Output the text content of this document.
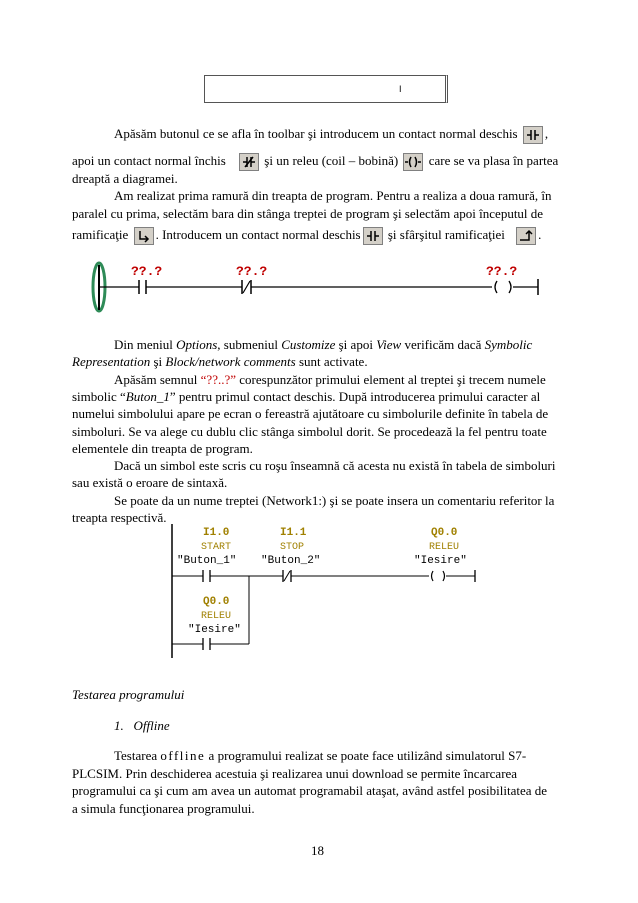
I
Apăsăm butonul ce se afla în toolbar şi introducem un contact normal deschis ,
apoi un contact normal închis	şi un releu (coil – bobină) care se va plasa în partea
dreaptă a diagramei.
Am realizat prima ramură din treapta de program. Pentru a realiza a doua ramură, în
paralel cu prima, selectăm bara din stânga treptei de program şi selectăm apoi începutul de
ramificaţie . Introducem un contact normal deschis şi sfârşitul ramificaţiei	.
??.?	??.?	??.?
Din meniul Options, submeniul Customize şi apoi View verificăm dacă Symbolic
Representation şi Block/network comments sunt activate.
Apăsăm semnul “??..?” corespunzător primului element al treptei şi trecem numele
simbolic “Buton_1” pentru primul contact deschis. După introducerea primului caracter al
numelui simbolului apare pe ecran o fereastră ajutătoare cu simbolurile definite în tabela de
simboluri. Se va alege cu dublu clic stânga simbolul dorit. Se procedează la fel pentru toate
elementele din treapta de program.
Dacă un simbol este scris cu roşu înseamnă că acesta nu există în tabela de simboluri
sau există o eroare de sintaxă.
Se poate da un nume treptei (Network1:) şi se poate insera un comentariu referitor la
treapta respectivă.
I1.0
START
"Buton_1"
I1.1
STOP
"Buton_2"
Q0.0
RELEU
"Iesire"
Q0.0
RELEU
"Iesire"
Testarea programului
1. Offline
Testarea offline a programului realizat se poate face utilizând simulatorul S7-
PLCSIM. Prin deschiderea acestuia şi realizarea unui download se permite încarcarea
programului ca şi cum am avea un automat programabil ataşat, având astfel posibilitatea de
a simula funcţionarea programului.
18
